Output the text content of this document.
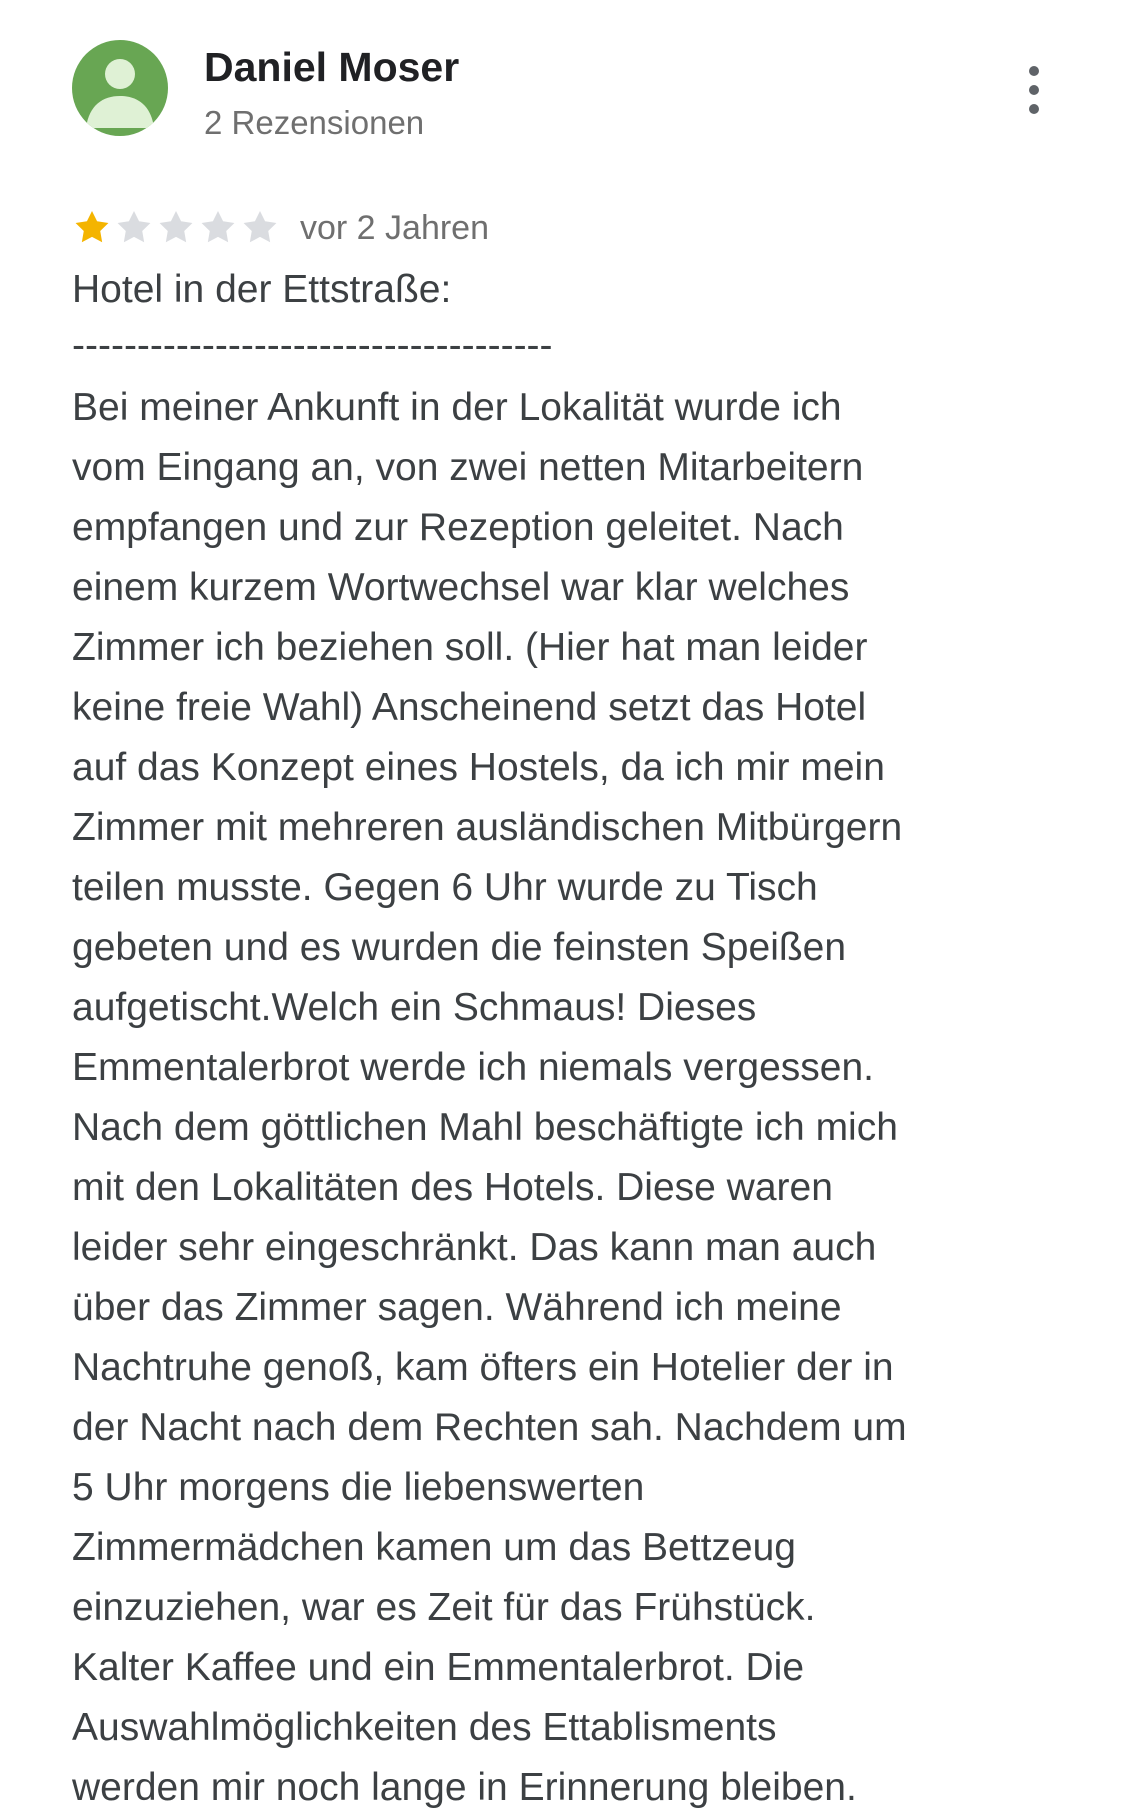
Daniel Moser
2 Rezensionen
vor 2 Jahren
Hotel in der Ettstraße:
-------------------------------------
Bei meiner Ankunft in der Lokalität wurde ich
vom Eingang an, von zwei netten Mitarbeitern
empfangen und zur Rezeption geleitet. Nach
einem kurzem Wortwechsel war klar welches
Zimmer ich beziehen soll. (Hier hat man leider
keine freie Wahl) Anscheinend setzt das Hotel
auf das Konzept eines Hostels, da ich mir mein
Zimmer mit mehreren ausländischen Mitbürgern
teilen musste. Gegen 6 Uhr wurde zu Tisch
gebeten und es wurden die feinsten Speißen
aufgetischt.Welch ein Schmaus! Dieses
Emmentalerbrot werde ich niemals vergessen.
Nach dem göttlichen Mahl beschäftigte ich mich
mit den Lokalitäten des Hotels. Diese waren
leider sehr eingeschränkt. Das kann man auch
über das Zimmer sagen. Während ich meine
Nachtruhe genoß, kam öfters ein Hotelier der in
der Nacht nach dem Rechten sah. Nachdem um
5 Uhr morgens die liebenswerten
Zimmermädchen kamen um das Bettzeug
einzuziehen, war es Zeit für das Frühstück.
Kalter Kaffee und ein Emmentalerbrot. Die
Auswahlmöglichkeiten des Ettablisments
werden mir noch lange in Erinnerung bleiben.
